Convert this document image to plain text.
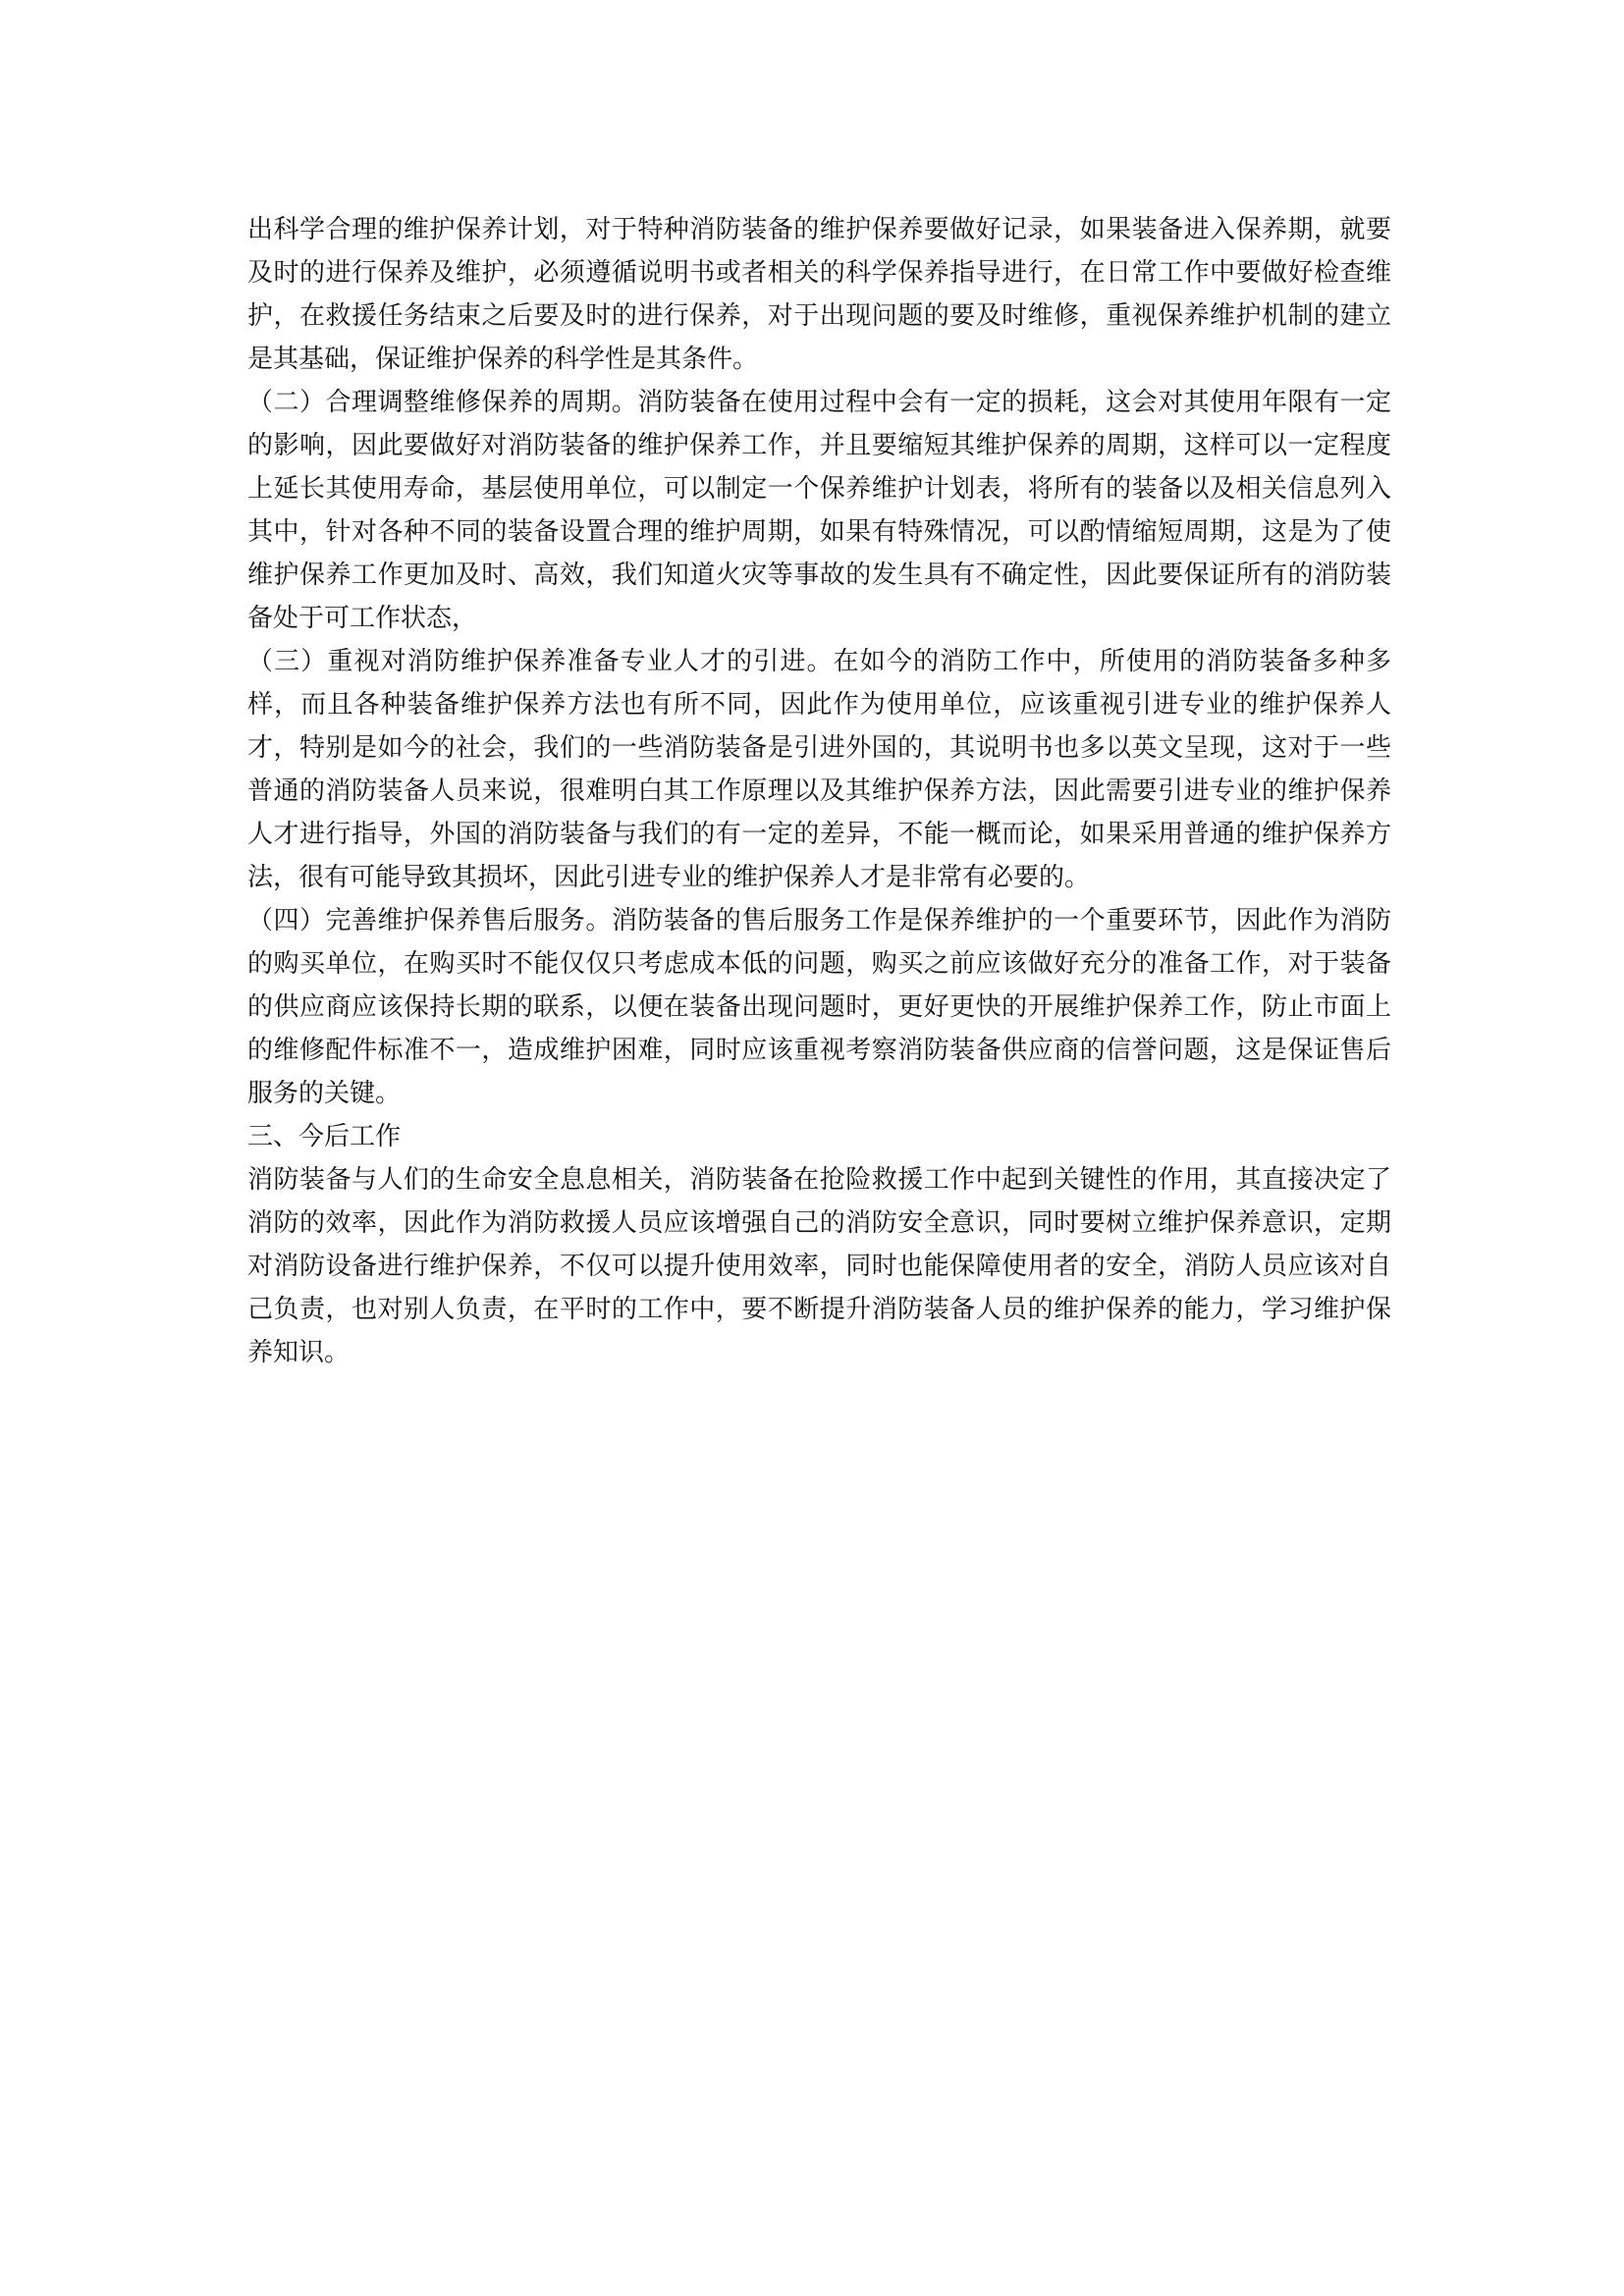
出科学合理的维护保养计划，对于特种消防装备的维护保养要做好记录，如果装备进入保养期，就要及时的进行保养及维护，必须遵循说明书或者相关的科学保养指导进行，在日常工作中要做好检查维护，在救援任务结束之后要及时的进行保养，对于出现问题的要及时维修，重视保养维护机制的建立是其基础，保证维护保养的科学性是其条件。

（二）合理调整维修保养的周期。消防装备在使用过程中会有一定的损耗，这会对其使用年限有一定的影响，因此要做好对消防装备的维护保养工作，并且要缩短其维护保养的周期，这样可以一定程度上延长其使用寿命，基层使用单位，可以制定一个保养维护计划表，将所有的装备以及相关信息列入其中，针对各种不同的装备设置合理的维护周期，如果有特殊情况，可以酌情缩短周期，这是为了使维护保养工作更加及时、高效，我们知道火灾等事故的发生具有不确定性，因此要保证所有的消防装备处于可工作状态，

（三）重视对消防维护保养准备专业人才的引进。在如今的消防工作中，所使用的消防装备多种多样，而且各种装备维护保养方法也有所不同，因此作为使用单位，应该重视引进专业的维护保养人才，特别是如今的社会，我们的一些消防装备是引进外国的，其说明书也多以英文呈现，这对于一些普通的消防装备人员来说，很难明白其工作原理以及其维护保养方法，因此需要引进专业的维护保养人才进行指导，外国的消防装备与我们的有一定的差异，不能一概而论，如果采用普通的维护保养方法，很有可能导致其损坏，因此引进专业的维护保养人才是非常有必要的。

（四）完善维护保养售后服务。消防装备的售后服务工作是保养维护的一个重要环节，因此作为消防的购买单位，在购买时不能仅仅只考虑成本低的问题，购买之前应该做好充分的准备工作，对于装备的供应商应该保持长期的联系，以便在装备出现问题时，更好更快的开展维护保养工作，防止市面上的维修配件标准不一，造成维护困难，同时应该重视考察消防装备供应商的信誉问题，这是保证售后服务的关键。

三、今后工作

消防装备与人们的生命安全息息相关，消防装备在抢险救援工作中起到关键性的作用，其直接决定了消防的效率，因此作为消防救援人员应该增强自己的消防安全意识，同时要树立维护保养意识，定期对消防设备进行维护保养，不仅可以提升使用效率，同时也能保障使用者的安全，消防人员应该对自己负责，也对别人负责，在平时的工作中，要不断提升消防装备人员的维护保养的能力，学习维护保养知识。
